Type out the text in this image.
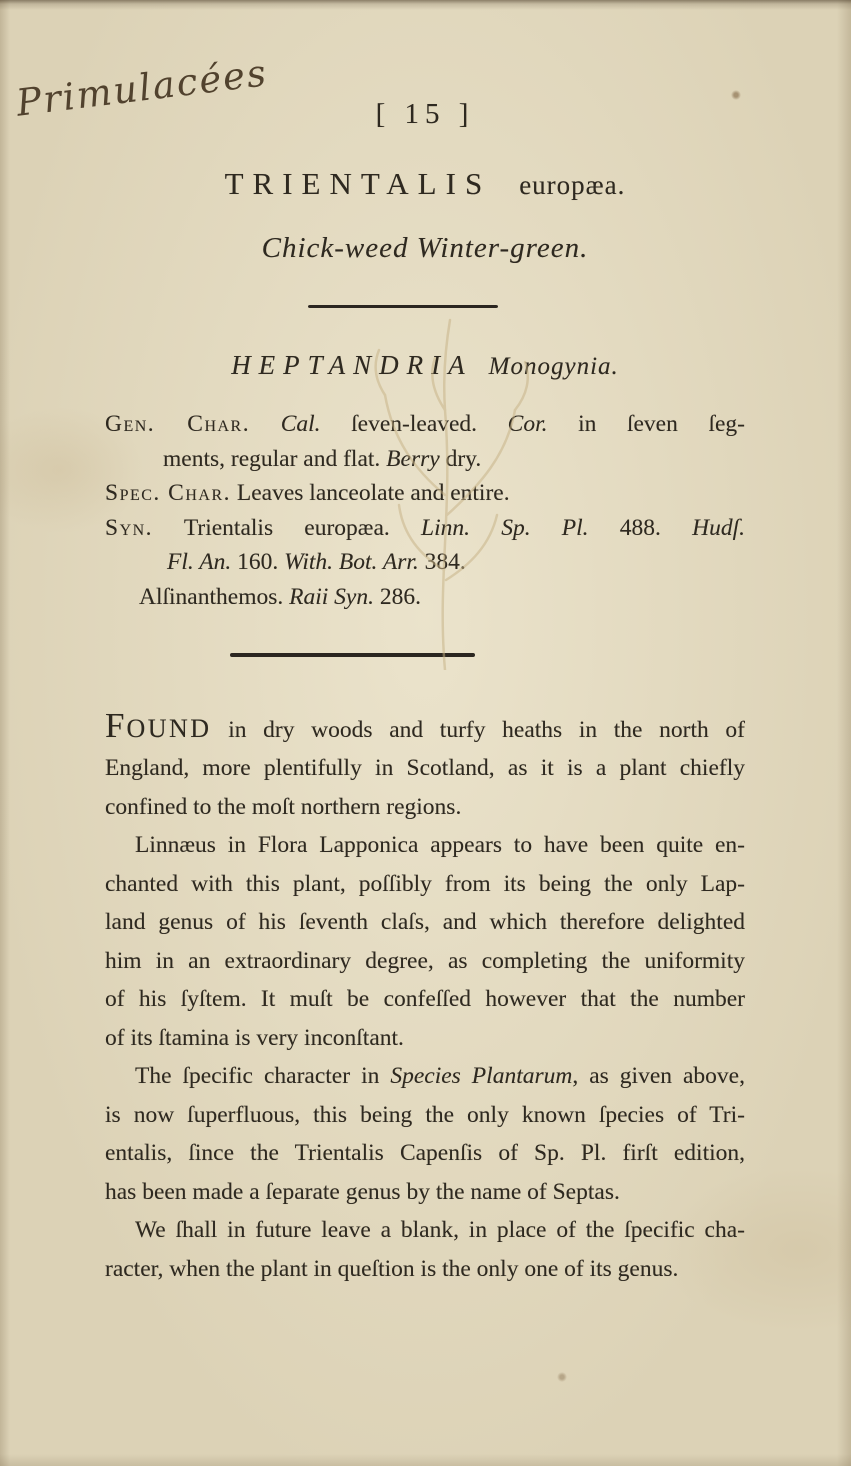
Primulacées	[ 15 ]
TRIENTALIS europæa.
Chick-weed Winter-green.
HEPTANDRIA Monogynia.
Gen. Char. Cal. ſeven-leaved. Cor. in ſeven ſeg-
ments, regular and flat. Berry dry.
Spec. Char. Leaves lanceolate and entire.
Syn. Trientalis europæa. Linn. Sp. Pl. 488. Hudſ.
Fl. An. 160. With. Bot. Arr. 384.
Alſinanthemos. Raii Syn. 286.
FOUND in dry woods and turfy heaths in the north of
England, more plentifully in Scotland, as it is a plant chiefly
confined to the moſt northern regions.
Linnæus in Flora Lapponica appears to have been quite en-
chanted with this plant, poſſibly from its being the only Lap-
land genus of his ſeventh claſs, and which therefore delighted
him in an extraordinary degree, as completing the uniformity
of his ſyſtem. It muſt be confeſſed however that the number
of its ſtamina is very inconſtant.
The ſpecific character in Species Plantarum, as given above,
is now ſuperfluous, this being the only known ſpecies of Tri-
entalis, ſince the Trientalis Capenſis of Sp. Pl. firſt edition,
has been made a ſeparate genus by the name of Septas.
We ſhall in future leave a blank, in place of the ſpecific cha-
racter, when the plant in queſtion is the only one of its genus.
